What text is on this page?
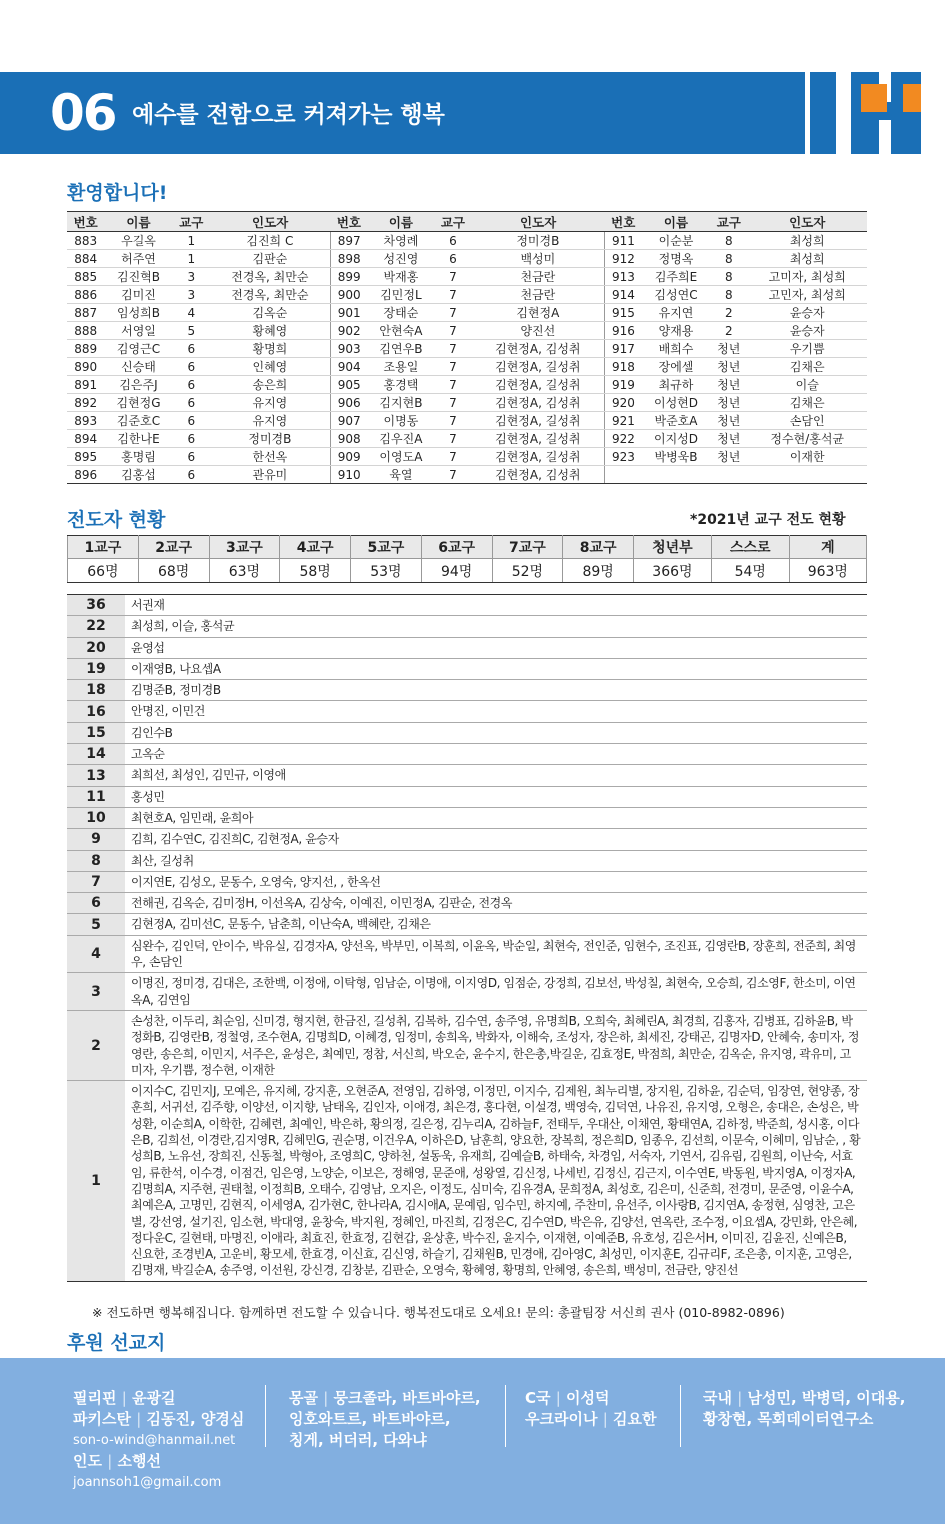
06 예수를 전함으로 커져가는 행복
환영합니다!
번호	이름	교구	인도자	번호	이름	교구	인도자	번호	이름	교구	인도자
883	우길옥	1	김진희 C	897	차영례	6	정미경B	911	이순분	8	최성희
884	허주연	1	김판순	898	성진영	6	백성미	912	정명옥	8	최성희
885	김진혁B	3	전경옥, 최만순	899	박재홍	7	천금란	913	김주희E	8	고미자, 최성희
886	김미진	3	전경옥, 최만순	900	김민정L	7	천금란	914	김성연C	8	고민자, 최성희
887	임성희B	4	김옥순	901	장태순	7	김현정A	915	유지연	2	윤승자
888	서영일	5	황혜영	902	안현숙A	7	양진선	916	양재용	2	윤승자
889	김영근C	6	황명희	903	김연우B	7	김현정A, 김성취	917	배희수	청년	우기쁨
890	신승태	6	인혜영	904	조용일	7	김현정A, 길성취	918	장에셀	청년	김채은
891	김은주J	6	송은희	905	홍경택	7	김현정A, 길성취	919	최규하	청년	이슬
892	김현정G	6	유지영	906	김지현B	7	김현정A, 김성취	920	이성현D	청년	김채은
893	김준호C	6	유지영	907	이명동	7	김현정A, 길성취	921	박준호A	청년	손담인
894	김한나E	6	정미경B	908	김우진A	7	김현정A, 길성취	922	이지성D	청년	정수현/홍석균
895	홍명림	6	한선옥	909	이영도A	7	김현정A, 길성취	923	박병욱B	청년	이재한
896	김홍섭	6	관유미	910	육열	7	김현정A, 김성취				
전도자 현황	*2021년 교구 전도 현황
1교구	2교구	3교구	4교구	5교구	6교구	7교구	8교구	청년부	스스로	계
66명	68명	63명	58명	53명	94명	52명	89명	366명	54명	963명
36	서권재
22	최성희, 이슬, 홍석균
20	윤영섭
19	이재영B, 나요셉A
18	김명준B, 정미경B
16	안명진, 이민건
15	김인수B
14	고옥순
13	최희선, 최성인, 김민규, 이영애
11	홍성민
10	최현호A, 임민래, 윤희아
9	김희, 김수연C, 김진희C, 김현정A, 윤승자
8	최산, 길성취
7	이지연E, 김성오, 문동수, 오영숙, 양지선, , 한옥선
6	전해권, 김옥순, 김미정H, 이선옥A, 김상숙, 이예진, 이민정A, 김판순, 전경옥
5	김현정A, 김미선C, 문동수, 남춘희, 이난숙A, 백혜란, 김채은
4	심완수, 김인덕, 안이수, 박유실, 김경자A, 양선옥, 박부민, 이복희, 이윤옥, 박순일, 최현숙, 전인준, 임현수, 조진표, 김영란B, 장훈희, 전준희, 최영우, 손담인
3	이명진, 정미경, 김대은, 조한백, 이정애, 이탁형, 임남순, 이명애, 이지영D, 임점순, 강정희, 김보선, 박성칠, 최현숙, 오승희, 김소영F, 한소미, 이연옥A, 김연임
2	손성찬, 이두리, 최순임, 신미경, 형지현, 한금진, 길성취, 김복하, 김수연, 송주영, 유명희B, 오희숙, 최혜린A, 최경희, 김홍자, 김병표, 김하윤B, 박정화B, 김영란B, 정철영, 조수현A, 김명희D, 이혜경, 임정미, 송희옥, 박화자, 이해숙, 조성자, 장은하, 최세진, 강태곤, 김명자D, 안혜숙, 송미자, 정영란, 송은희, 이민지, 서주은, 윤성은, 최예민, 정참, 서신희, 박오순, 윤수지, 한은총,박길운, 김효정E, 박점희, 최만순, 김옥순, 유지영, 곽유미, 고미자, 우기쁨, 정수현, 이재한
1	이지수C, 김민지J, 모예은, 유지혜, 강지훈, 오현준A, 전영임, 김하영, 이정민, 이지수, 김제원, 최누리별, 장지원, 김하윤, 김순덕, 임장연, 현양종, 장훈희, 서귀선, 김주향, 이양선, 이지향, 남태옥, 김인자, 이애경, 최은경, 홍다현, 이설경, 백영숙, 김덕연, 나유진, 유지영, 오형은, 송대은, 손성은, 박성환, 이순희A, 이학한, 김혜련, 최예인, 박은하, 황의정, 길은정, 김누리A, 김하늘F, 전태두, 우대산, 이채연, 황태연A, 김하정, 박준희, 성시홍, 이다은B, 김희선, 이경란,김지영R, 김혜민G, 권순명, 이건우A, 이하은D, 남훈희, 양요한, 장복희, 정은희D, 임종우, 김선희, 이문숙, 이혜미, 임남순, , 황성희B, 노유선, 장희진, 신동철, 박형아, 조영희C, 양하천, 설동욱, 유재희, 김예슬B, 하태숙, 차경임, 서숙자, 기연서, 김유림, 김원희, 이난숙, 서효임, 류한석, 이수경, 이점건, 임은영, 노양순, 이보은, 정해영, 문준애, 성왕열, 김신정, 나세빈, 김정신, 김근지, 이수연E, 박동원, 박지영A, 이정자A, 김명희A, 지주현, 권태철, 이정희B, 오태수, 김영남, 오지은, 이정도, 심미숙, 김유경A, 문희정A, 최성호, 김은미, 신준희, 전경미, 문준영, 이윤수A, 최예은A, 고명민, 김현직, 이세영A, 김가현C, 한나라A, 김시애A, 문예림, 임수민, 하지예, 주찬미, 유선주, 이사랑B, 김지연A, 송정현, 심영찬, 고은별, 강선영, 설기진, 임소현, 박대영, 윤창숙, 박지원, 정혜인, 마진희, 김정은C, 김수연D, 박은유, 김양선, 연옥란, 조수정, 이요셉A, 강민화, 안은혜, 정다운C, 길현태, 마명진, 이애라, 최효진, 한효정, 김현갑, 윤상훈, 박수진, 윤지수, 이재현, 이예준B, 유호성, 김은서H, 이미진, 김윤진, 신예은B, 신요한, 조경빈A, 고운비, 황모세, 한효경, 이신효, 김신영, 하슬기, 김채원B, 민경애, 김아영C, 최성민, 이지훈E, 김규리F, 조은총, 이지훈, 고영은, 김명재, 박길순A, 송주영, 이선원, 강신경, 김창분, 김판순, 오영숙, 황혜영, 황명희, 안혜영, 송은희, 백성미, 전금란, 양진선
※ 전도하면 행복해집니다. 함께하면 전도할 수 있습니다. 행복전도대로 오세요! 문의: 총괄팀장 서신희 권사 (010-8982-0896)
후원 선교지
필리핀 | 윤광길
파키스탄 | 김동진, 양경심
son-o-wind@hanmail.net
인도 | 소행선
joannsoh1@gmail.com
몽골 | 뭉크졸라, 바트바야르,
잉호와트르, 바트바야르,
칭게, 버더러, 다와냐
C국 | 이성덕
우크라이나 | 김요한
국내 | 남성민, 박병덕, 이대용,
황창현, 목회데이터연구소
